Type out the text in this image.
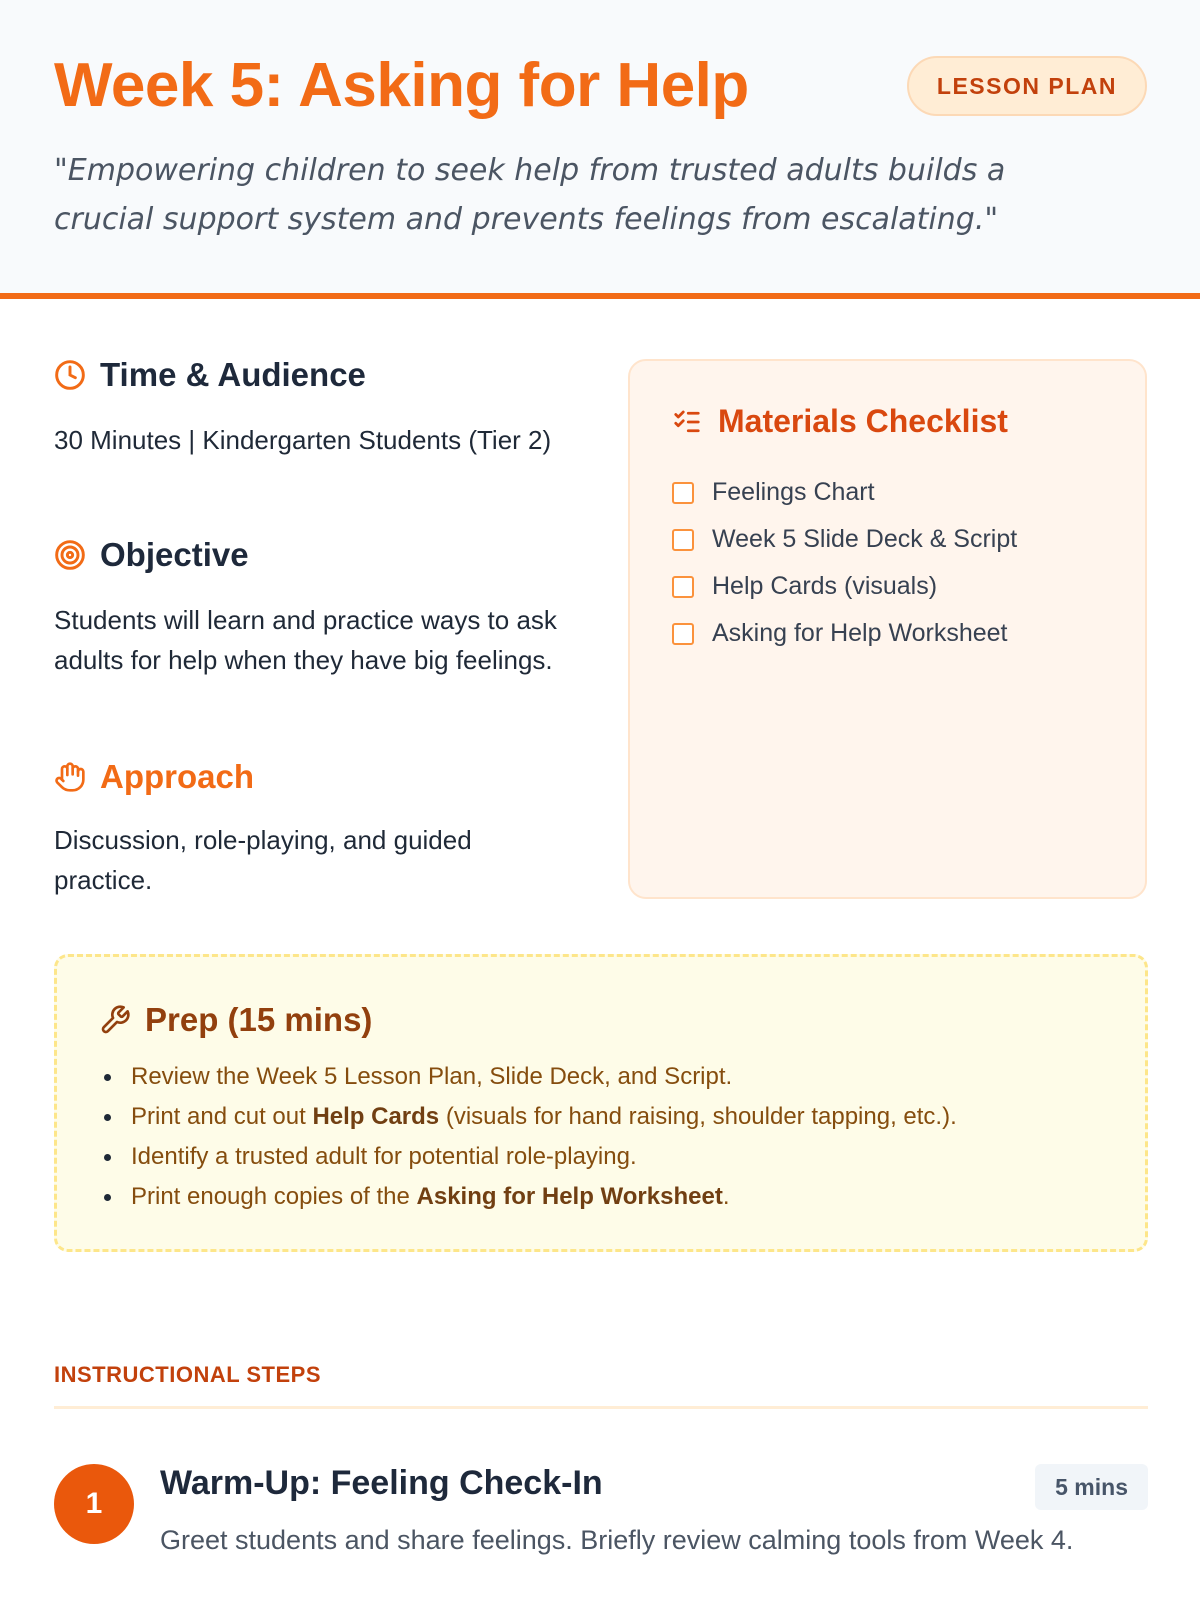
Week 5: Asking for Help	LESSON PLAN

"Empowering children to seek help from trusted adults builds a crucial support system and prevents feelings from escalating."

Time & Audience

30 Minutes | Kindergarten Students (Tier 2)

Objective

Students will learn and practice ways to ask adults for help when they have big feelings.

Approach

Discussion, role-playing, and guided practice.

Materials Checklist
Feelings Chart
Week 5 Slide Deck & Script
Help Cards (visuals)
Asking for Help Worksheet
Prep (15 mins)
Review the Week 5 Lesson Plan, Slide Deck, and Script.
Print and cut out Help Cards (visuals for hand raising, shoulder tapping, etc.).
Identify a trusted adult for potential role-playing.
Print enough copies of the Asking for Help Worksheet.
INSTRUCTIONAL STEPS
1
Warm-Up: Feeling Check-In	5 mins
Greet students and share feelings. Briefly review calming tools from Week 4.
